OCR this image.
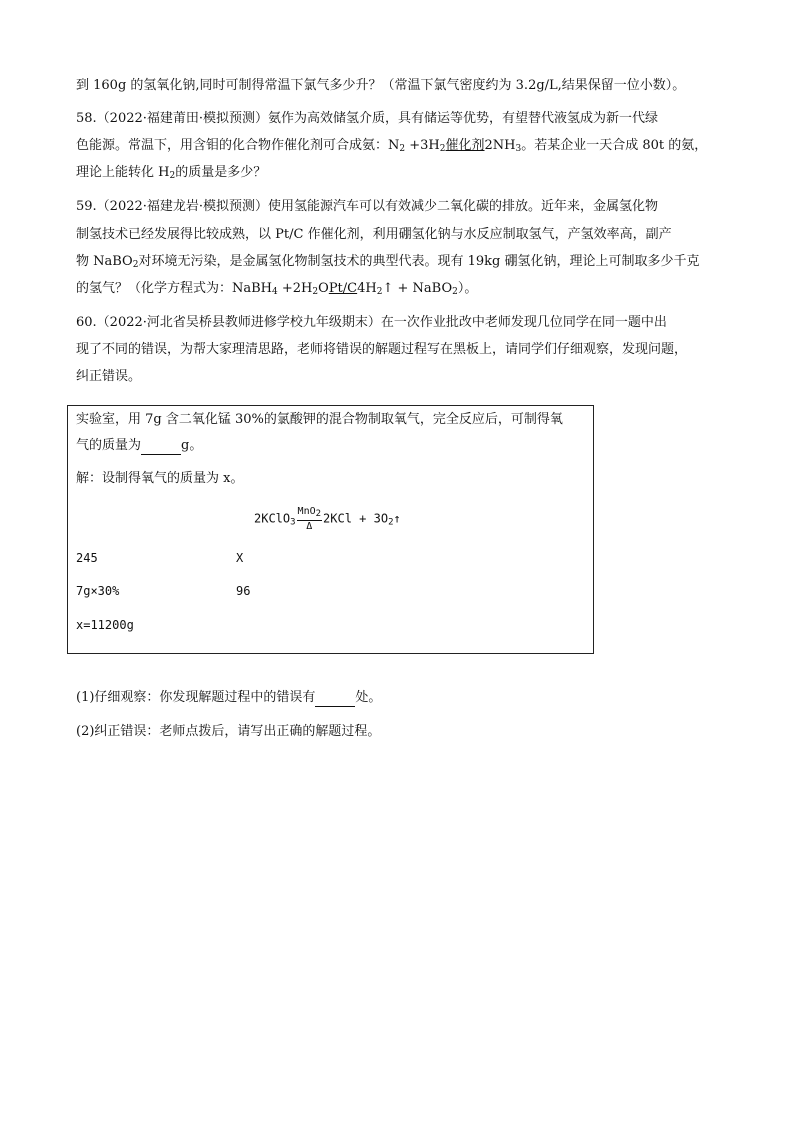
到 160g 的氢氧化钠,同时可制得常温下氯气多少升？（常温下氯气密度约为 3.2g/L,结果保留一位小数）。
58.（2022·福建莆田·模拟预测）氨作为高效储氢介质，具有储运等优势，有望替代液氢成为新一代绿
色能源。常温下，用含钼的化合物作催化剂可合成氨：$N_2 +3H_2$催化剂$2NH_3$。若某企业一天合成 80t 的氨，
理论上能转化 $H_2$的质量是多少？
59.（2022·福建龙岩·模拟预测）使用氢能源汽车可以有效减少二氧化碳的排放。近年来，金属氢化物
制氢技术已经发展得比较成熟，以 Pt/C 作催化剂，利用硼氢化钠与水反应制取氢气，产氢效率高，副产
物 NaBO$_2$对环境无污染，是金属氢化物制氢技术的典型代表。现有 19kg 硼氢化钠，理论上可制取多少千克
的氢气？（化学方程式为：NaBH$_4$ $+2H_2OPt/C4H_2↑$ + NaBO$_2$）。
60.（2022·河北省吴桥县教师进修学校九年级期末）在一次作业批改中老师发现几位同学在同一题中出
现了不同的错误，为帮大家理清思路，老师将错误的解题过程写在黑板上，请同学们仔细观察，发现问题，
纠正错误。
实验室，用 7g 含二氧化锰 30%的氯酸钾的混合物制取氧气，完全反应后，可制得氧
气的质量为	g。
解：设制得氧气的质量为 x。
2KClO$_3$ $\frac{\text{MnO2}}{\Delta} 2KCl$ + $3O_2↑$
245	X
7g×30%	96
x=11200g
(1)仔细观察：你发现解题过程中的错误有	处。
(2)纠正错误：老师点拨后，请写出正确的解题过程。
